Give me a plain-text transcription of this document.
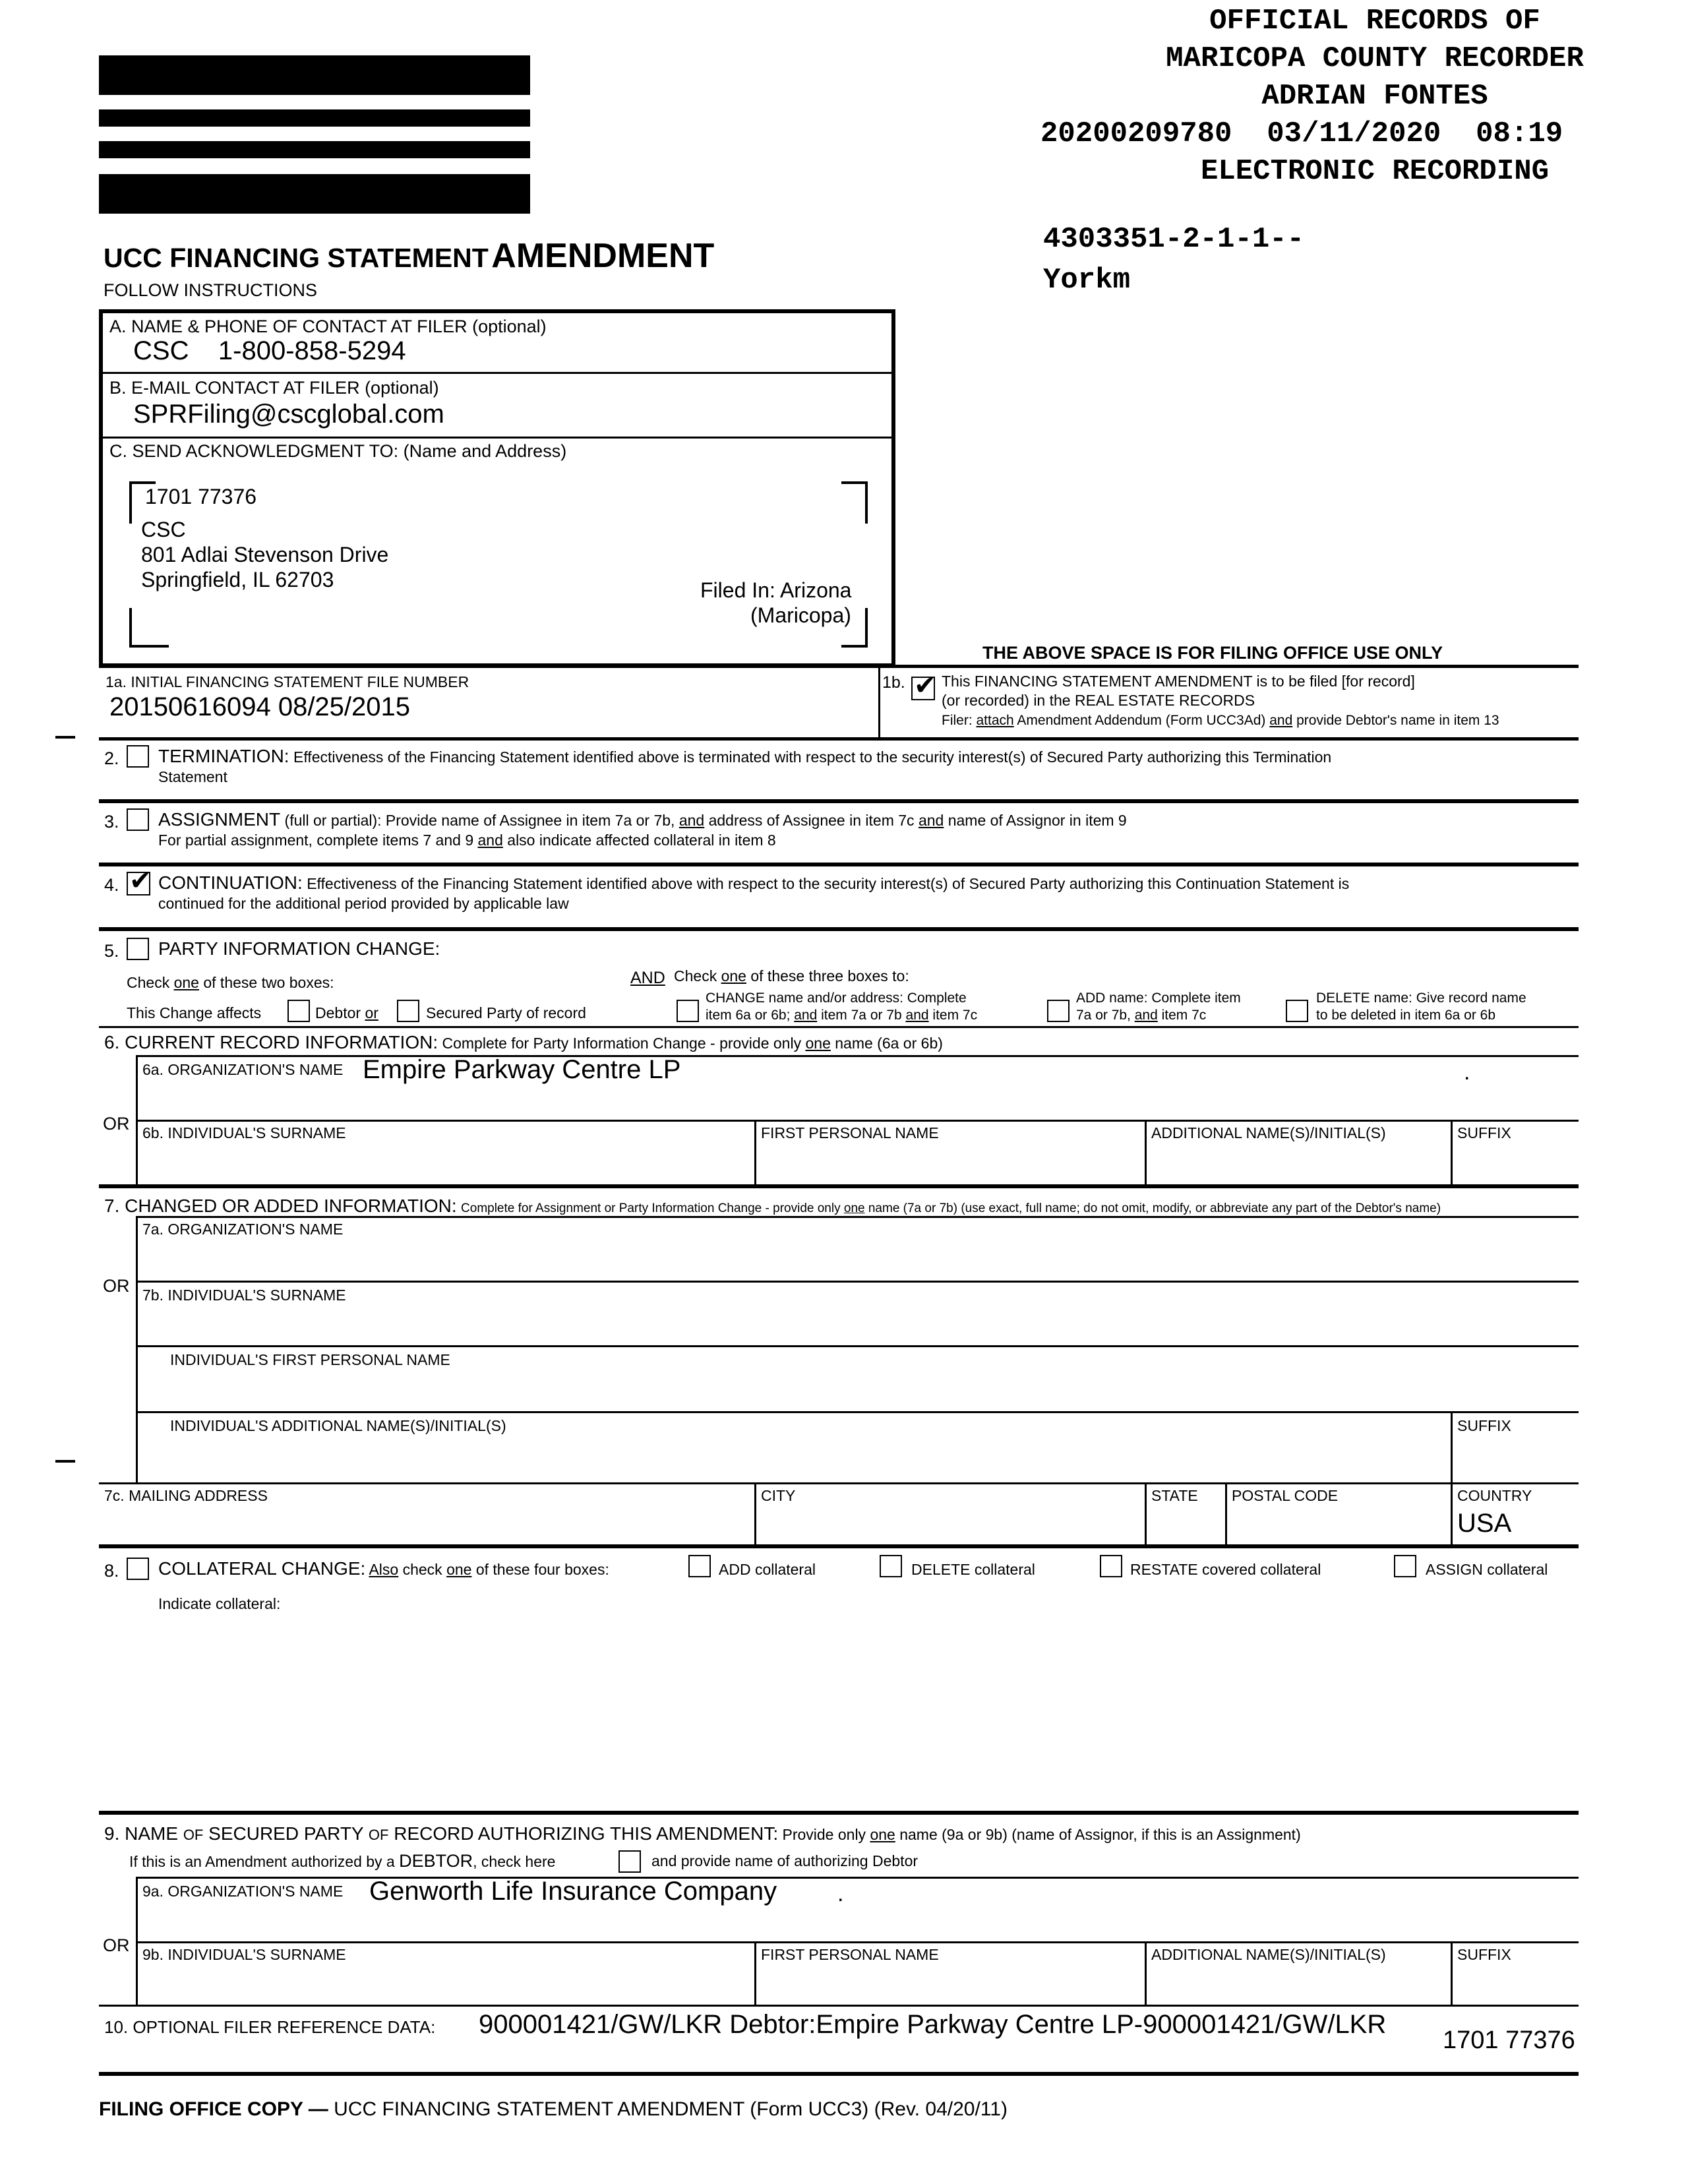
OFFICIAL RECORDS OF
MARICOPA COUNTY RECORDER
ADRIAN FONTES
20200209780  03/11/2020  08:19
ELECTRONIC RECORDING
4303351-2-1-1--
Yorkm
UCC FINANCING STATEMENT AMENDMENT
FOLLOW INSTRUCTIONS
A. NAME & PHONE OF CONTACT AT FILER (optional)
CSC    1-800-858-5294
B. E-MAIL CONTACT AT FILER (optional)
SPRFiling@cscglobal.com
C. SEND ACKNOWLEDGMENT TO: (Name and Address)
1701 77376
CSC
801 Adlai Stevenson Drive
Springfield, IL 62703	Filed In: Arizona
(Maricopa)
THE ABOVE SPACE IS FOR FILING OFFICE USE ONLY
1a. INITIAL FINANCING STATEMENT FILE NUMBER
20150616094 08/25/2015
1b. ✔ This FINANCING STATEMENT AMENDMENT is to be filed [for record]
(or recorded) in the REAL ESTATE RECORDS
Filer: attach Amendment Addendum (Form UCC3Ad) and provide Debtor's name in item 13
2. TERMINATION: Effectiveness of the Financing Statement identified above is terminated with respect to the security interest(s) of Secured Party authorizing this Termination
Statement
3. ASSIGNMENT (full or partial): Provide name of Assignee in item 7a or 7b, and address of Assignee in item 7c and name of Assignor in item 9
For partial assignment, complete items 7 and 9 and also indicate affected collateral in item 8
4. ✔ CONTINUATION: Effectiveness of the Financing Statement identified above with respect to the security interest(s) of Secured Party authorizing this Continuation Statement is
continued for the additional period provided by applicable law
5. PARTY INFORMATION CHANGE:
Check one of these two boxes:
This Change affects	Debtor or	Secured Party of record
AND Check one of these three boxes to:
CHANGE name and/or address: Complete
item 6a or 6b; and item 7a or 7b and item 7c
ADD name: Complete item
7a or 7b, and item 7c
DELETE name: Give record name
to be deleted in item 6a or 6b
6. CURRENT RECORD INFORMATION: Complete for Party Information Change - provide only one name (6a or 6b)
6a. ORGANIZATION'S NAME Empire Parkway Centre LP	.
OR 6b. INDIVIDUAL'S SURNAME	FIRST PERSONAL NAME	ADDITIONAL NAME(S)/INITIAL(S)	SUFFIX
7. CHANGED OR ADDED INFORMATION: Complete for Assignment or Party Information Change - provide only one name (7a or 7b) (use exact, full name; do not omit, modify, or abbreviate any part of the Debtor's name)
7a. ORGANIZATION'S NAME
OR 7b. INDIVIDUAL'S SURNAME
INDIVIDUAL'S FIRST PERSONAL NAME
INDIVIDUAL'S ADDITIONAL NAME(S)/INITIAL(S)	SUFFIX
7c. MAILING ADDRESS	CITY	STATE POSTAL CODE	COUNTRY
USA
8. COLLATERAL CHANGE: Also check one of these four boxes:	ADD collateral	DELETE collateral	RESTATE covered collateral	ASSIGN collateral
Indicate collateral:
9. NAME OF SECURED PARTY OF RECORD AUTHORIZING THIS AMENDMENT: Provide only one name (9a or 9b) (name of Assignor, if this is an Assignment)
If this is an Amendment authorized by a DEBTOR, check here	and provide name of authorizing Debtor
9a. ORGANIZATION'S NAME Genworth Life Insurance Company	.
OR 9b. INDIVIDUAL'S SURNAME	FIRST PERSONAL NAME	ADDITIONAL NAME(S)/INITIAL(S)	SUFFIX
10. OPTIONAL FILER REFERENCE DATA: 900001421/GW/LKR Debtor:Empire Parkway Centre LP-900001421/GW/LKR
1701 77376
FILING OFFICE COPY — UCC FINANCING STATEMENT AMENDMENT (Form UCC3) (Rev. 04/20/11)
